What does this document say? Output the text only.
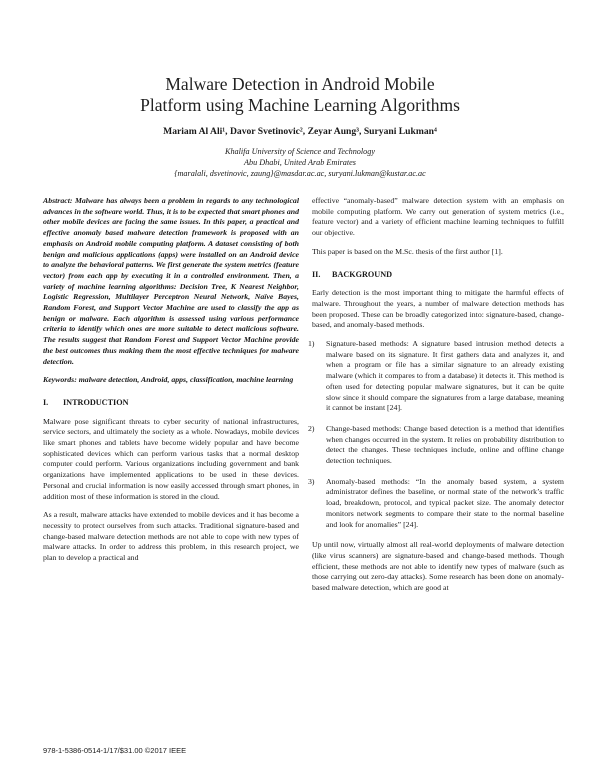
Malware Detection in Android Mobile
Platform using Machine Learning Algorithms
Mariam Al Ali¹, Davor Svetinovic², Zeyar Aung³, Suryani Lukman⁴
Khalifa University of Science and Technology
Abu Dhabi, United Arab Emirates
{maralali, dsvetinovic, zaung}@masdar.ac.ac, suryani.lukman@kustar.ac.ac

Abstract: Malware has always been a problem in regards to any technological advances in the software world. Thus, it is to be expected that smart phones and other mobile devices are facing the same issues. In this paper, a practical and effective anomaly based malware detection framework is proposed with an emphasis on Android mobile computing platform. A dataset consisting of both benign and malicious applications (apps) were installed on an Android device to analyze the behavioral patterns. We first generate the system metrics (feature vector) from each app by executing it in a controlled environment. Then, a variety of machine learning algorithms: Decision Tree, K Nearest Neighbor, Logistic Regression, Multilayer Perceptron Neural Network, Naïve Bayes, Random Forest, and Support Vector Machine are used to classify the app as benign or malware. Each algorithm is assessed using various performance criteria to identify which ones are more suitable to detect malicious software. The results suggest that Random Forest and Support Vector Machine provide the best outcomes thus making them the most effective techniques for malware detection.

Keywords: malware detection, Android, apps, classification, machine learning

I. INTRODUCTION

Malware pose significant threats to cyber security of national infrastructures, service sectors, and ultimately the society as a whole. Nowadays, mobile devices like smart phones and tablets have become widely popular and have become sophisticated devices which can perform various tasks that a normal desktop computer could perform. Various organizations including government and bank organizations have implemented applications to be used in these devices. Personal and crucial information is now easily accessed through smart phones, in addition most of these information is stored in the cloud.

As a result, malware attacks have extended to mobile devices and it has become a necessity to protect ourselves from such attacks. Traditional signature-based and change-based malware detection methods are not able to cope with new types of malware attacks. In order to address this problem, in this research project, we plan to develop a practical and

effective “anomaly-based” malware detection system with an emphasis on mobile computing platform. We carry out generation of system metrics (i.e., feature vector) and a variety of efficient machine learning techniques to fulfill our objective.

This paper is based on the M.Sc. thesis of the first author [1].

II. BACKGROUND

Early detection is the most important thing to mitigate the harmful effects of malware. Throughout the years, a number of malware detection methods has been proposed. These can be broadly categorized into: signature-based, change-based, and anomaly-based methods.

1) Signature-based methods: A signature based intrusion method detects a malware based on its signature. It first gathers data and analyzes it, and when a program or file has a similar signature to an already existing malware (which it compares to from a database) it detects it. This method is often used for detecting popular malware signatures, but it can be quite slow since it should compare the signatures from a large database, meaning it cannot be instant [24].
2) Change-based methods: Change based detection is a method that identifies when changes occurred in the system. It relies on probability distribution to detect the changes. These techniques include, online and offline change detection techniques.
3) Anomaly-based methods: “In the anomaly based system, a system administrator defines the baseline, or normal state of the network’s traffic load, breakdown, protocol, and typical packet size. The anomaly detector monitors network segments to compare their state to the normal baseline and look for anomalies” [24].

Up until now, virtually almost all real-world deployments of malware detection (like virus scanners) are signature-based and change-based methods. Though efficient, these methods are not able to identify new types of malware (such as those carrying out zero-day attacks). Some research has been done on anomaly-based malware detection, which are good at

978-1-5386-0514-1/17/$31.00 ©2017 IEEE
